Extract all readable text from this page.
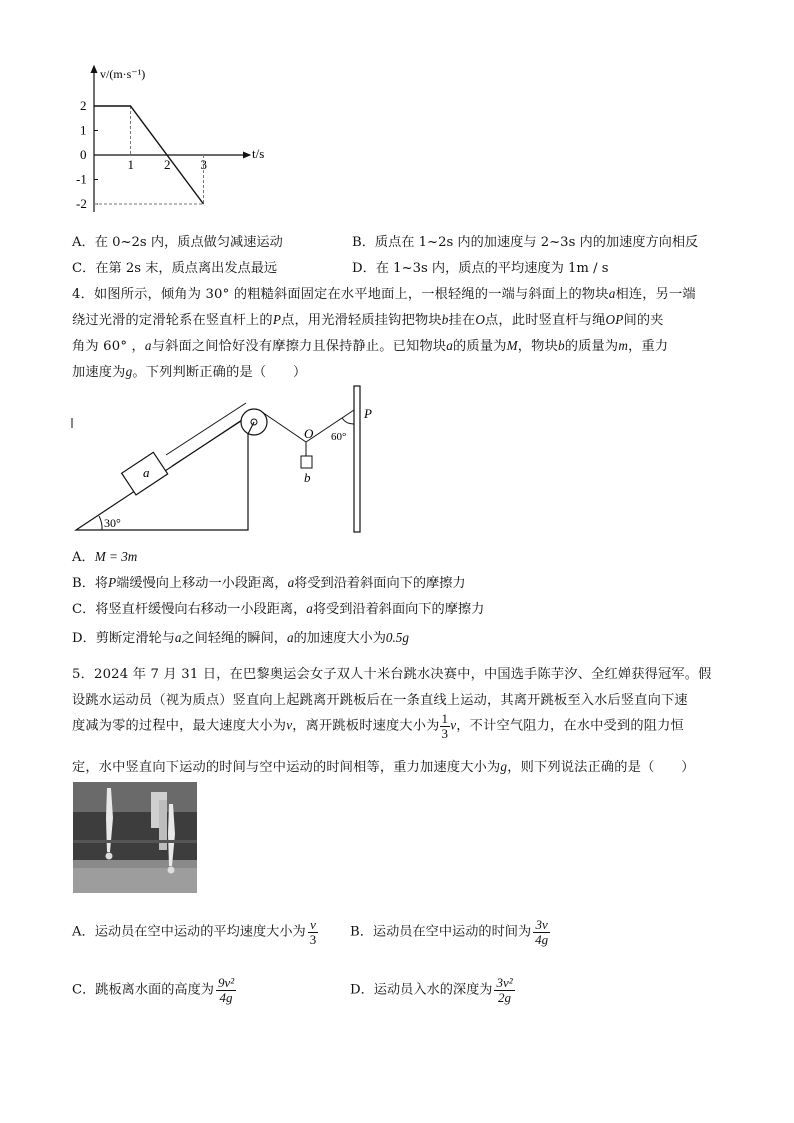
v/(m·s⁻¹)
t/s
2
1
0
-1
-2
1 2 3
A．在 0~2s 内，质点做匀减速运动	B．质点在 1~2s 内的加速度与 2~3s 内的加速度方向相反
C．在第 2s 末，质点离出发点最远	D．在 1~3s 内，质点的平均速度为 1m / s
4．如图所示，倾角为 30° 的粗糙斜面固定在水平地面上，一根轻绳的一端与斜面上的物块a相连，另一端
绕过光滑的定滑轮系在竖直杆上的P点，用光滑轻质挂钩把物块b挂在O点，此时竖直杆与绳OP间的夹
角为 60° ，a与斜面之间恰好没有摩擦力且保持静止。已知物块a的质量为M，物块b的质量为m，重力
加速度为g。下列判断正确的是（　　）
30°
a
O
b
P
60°
A．M = 3m
B．将P端缓慢向上移动一小段距离，a将受到沿着斜面向下的摩擦力
C．将竖直杆缓慢向右移动一小段距离，a将受到沿着斜面向下的摩擦力
D．剪断定滑轮与a之间轻绳的瞬间，a的加速度大小为0.5g
5．2024 年 7 月 31 日，在巴黎奥运会女子双人十米台跳水决赛中，中国选手陈芋汐、全红婵获得冠军。假
设跳水运动员（视为质点）竖直向上起跳离开跳板后在一条直线上运动，其离开跳板至入水后竖直向下速
度减为零的过程中，最大速度大小为v，离开跳板时速度大小为 $\frac{1}{3}$ v，不计空气阻力，在水中受到的阻力恒
定，水中竖直向下运动的时间与空中运动的时间相等，重力加速度大小为g，则下列说法正确的是（　　）
A．运动员在空中运动的平均速度大小为 $\frac{v}{3}$ B．运动员在空中运动的时间为 $\frac{3v}{4g}$
C．跳板离水面的高度为 $\frac{\text{9v²}}{4g}$	D．运动员入水的深度为 $\frac{\text{3v²}}{2g}$
